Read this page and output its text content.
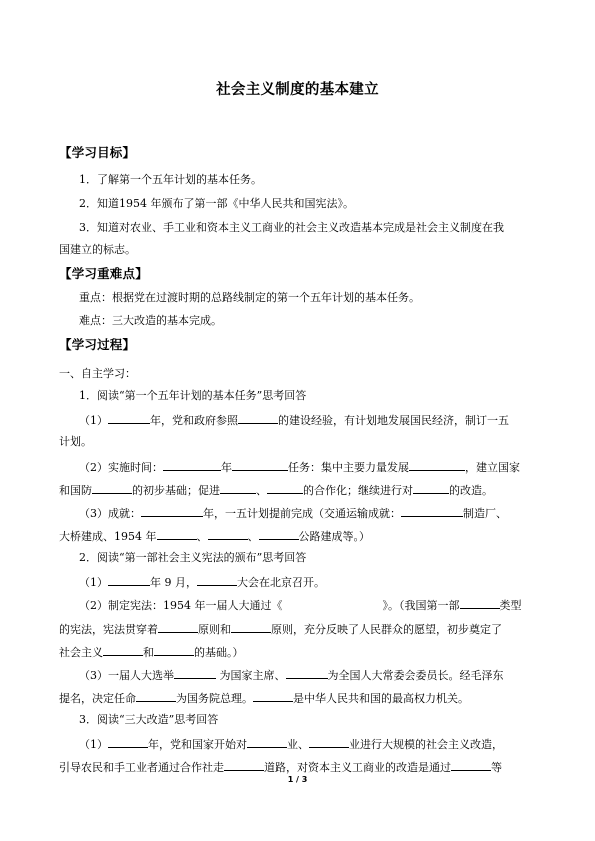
社会主义制度的基本建立
【学习目标】
1．了解第一个五年计划的基本任务。
2．知道1954 年颁布了第一部《中华人民共和国宪法》。
3．知道对农业、手工业和资本主义工商业的社会主义改造基本完成是社会主义制度在我
国建立的标志。
【学习重难点】
重点：根据党在过渡时期的总路线制定的第一个五年计划的基本任务。
难点：三大改造的基本完成。
【学习过程】
一、自主学习：
1．阅读“第一个五年计划的基本任务”思考回答
（1）	年，党和政府参照	的建设经验，有计划地发展国民经济，制订一五
计划。
（2）实施时间：	年	任务：集中主要力量发展	，建立国家
和国防	的初步基础；促进	、	的合作化；继续进行对	的改造。
（3）成就：	年，一五计划提前完成（交通运输成就：	制造厂、
大桥建成、1954 年	、	、	公路建成等。）
2．阅读“第一部社会主义宪法的颁布”思考回答
（1）	年 9 月，	大会在北京召开。
（2）制定宪法：1954 年一届人大通过《	》。（我国第一部	类型
的宪法，宪法贯穿着	原则和	原则，充分反映了人民群众的愿望，初步奠定了
社会主义	和	的基础。）
（3）一届人大选举	为国家主席、	为全国人大常委会委员长。经毛泽东
提名，决定任命	为国务院总理。	是中华人民共和国的最高权力机关。
3．阅读“三大改造”思考回答
（1）	年，党和国家开始对	业、	业进行大规模的社会主义改造，
引导农民和手工业者通过合作社走	道路，对资本主义工商业的改造是通过	等
1 / 3
